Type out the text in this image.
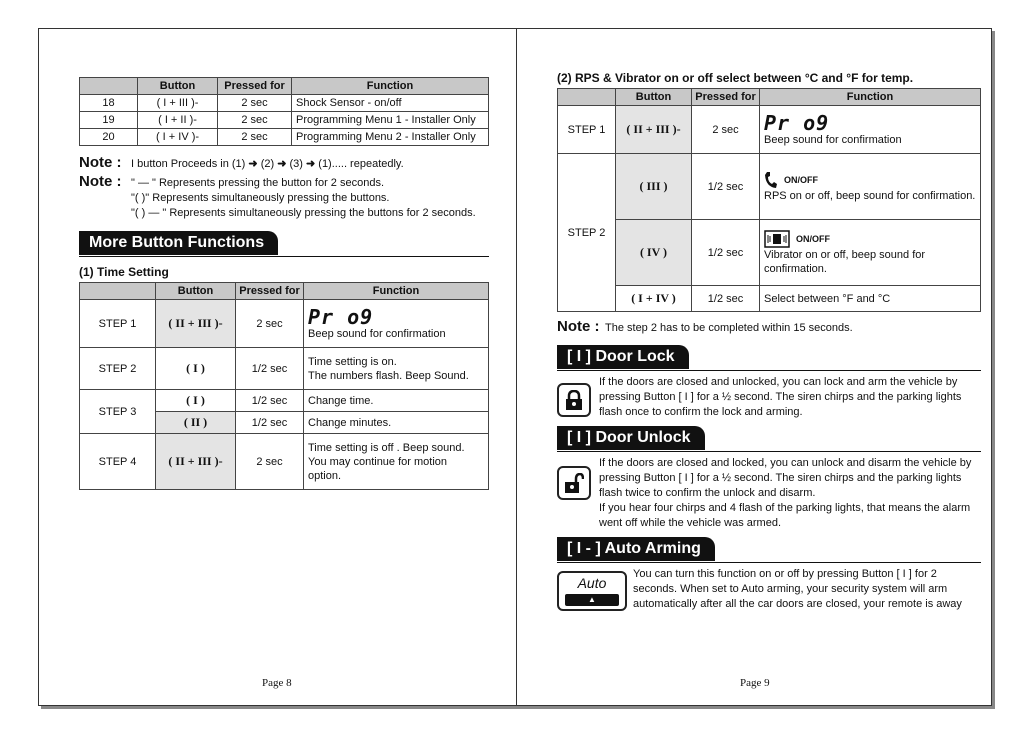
	Button	Pressed for	Function
18	( I + III )-	2 sec	Shock Sensor - on/off
19	( I + II )-	2 sec	Programming Menu 1 - Installer Only
20	( I + IV )-	2 sec	Programming Menu 2 - Installer Only
Note : I button Proceeds in (1) ➜ (2) ➜ (3) ➜ (1)..... repeatedly.
Note : " — " Represents pressing the button for 2 seconds.
"( )" Represents simultaneously pressing the buttons.
"( ) — " Represents simultaneously pressing the buttons for 2 seconds.
More Button Functions
(1) Time Setting
	Button	Pressed for	Function
STEP 1	( II + III )-	2 sec	Pr o9
Beep sound for confirmation

STEP 2	( I )	1/2 sec	Time setting is on.
The numbers flash. Beep Sound.

STEP 3	( I )	1/2 sec	Change time.
	( II )	1/2 sec	Change minutes.
STEP 4	( II + III )-	2 sec	Time setting is off . Beep sound.
You may continue for motion
option.
Page 8
(2) RPS & Vibrator on or off select between °C and °F for temp.
	Button	Pressed for	Function
STEP 1	( II + III )-	2 sec	Pr o9
Beep sound for confirmation

STEP 2	( III )	1/2 sec	ON/OFF
RPS on or off, beep sound for confirmation.

	( IV )	1/2 sec	ON/OFF
Vibrator on or off, beep sound for confirmation.

	( I + IV )	1/2 sec	Select between °F and °C
Note : The step 2 has to be completed within 15 seconds.
[ I ] Door Lock
If the doors are closed and unlocked, you can lock and arm the vehicle by pressing Button [ I ] for a ½ second. The siren chirps and the parking lights flash once to confirm the lock and arming.
[ I ] Door Unlock
If the doors are closed and locked, you can unlock and disarm the vehicle by pressing Button [ I ] for a ½ second. The siren chirps and the parking lights flash twice to confirm the unlock and disarm.
If you hear four chirps and 4 flash of the parking lights, that means the alarm went off while the vehicle was armed.
[ I - ] Auto Arming
Auto
▲
You can turn this function on or off by pressing Button [ I ] for 2 seconds. When set to Auto arming, your security system will arm automatically after all the car doors are closed, your remote is away
Page 9
